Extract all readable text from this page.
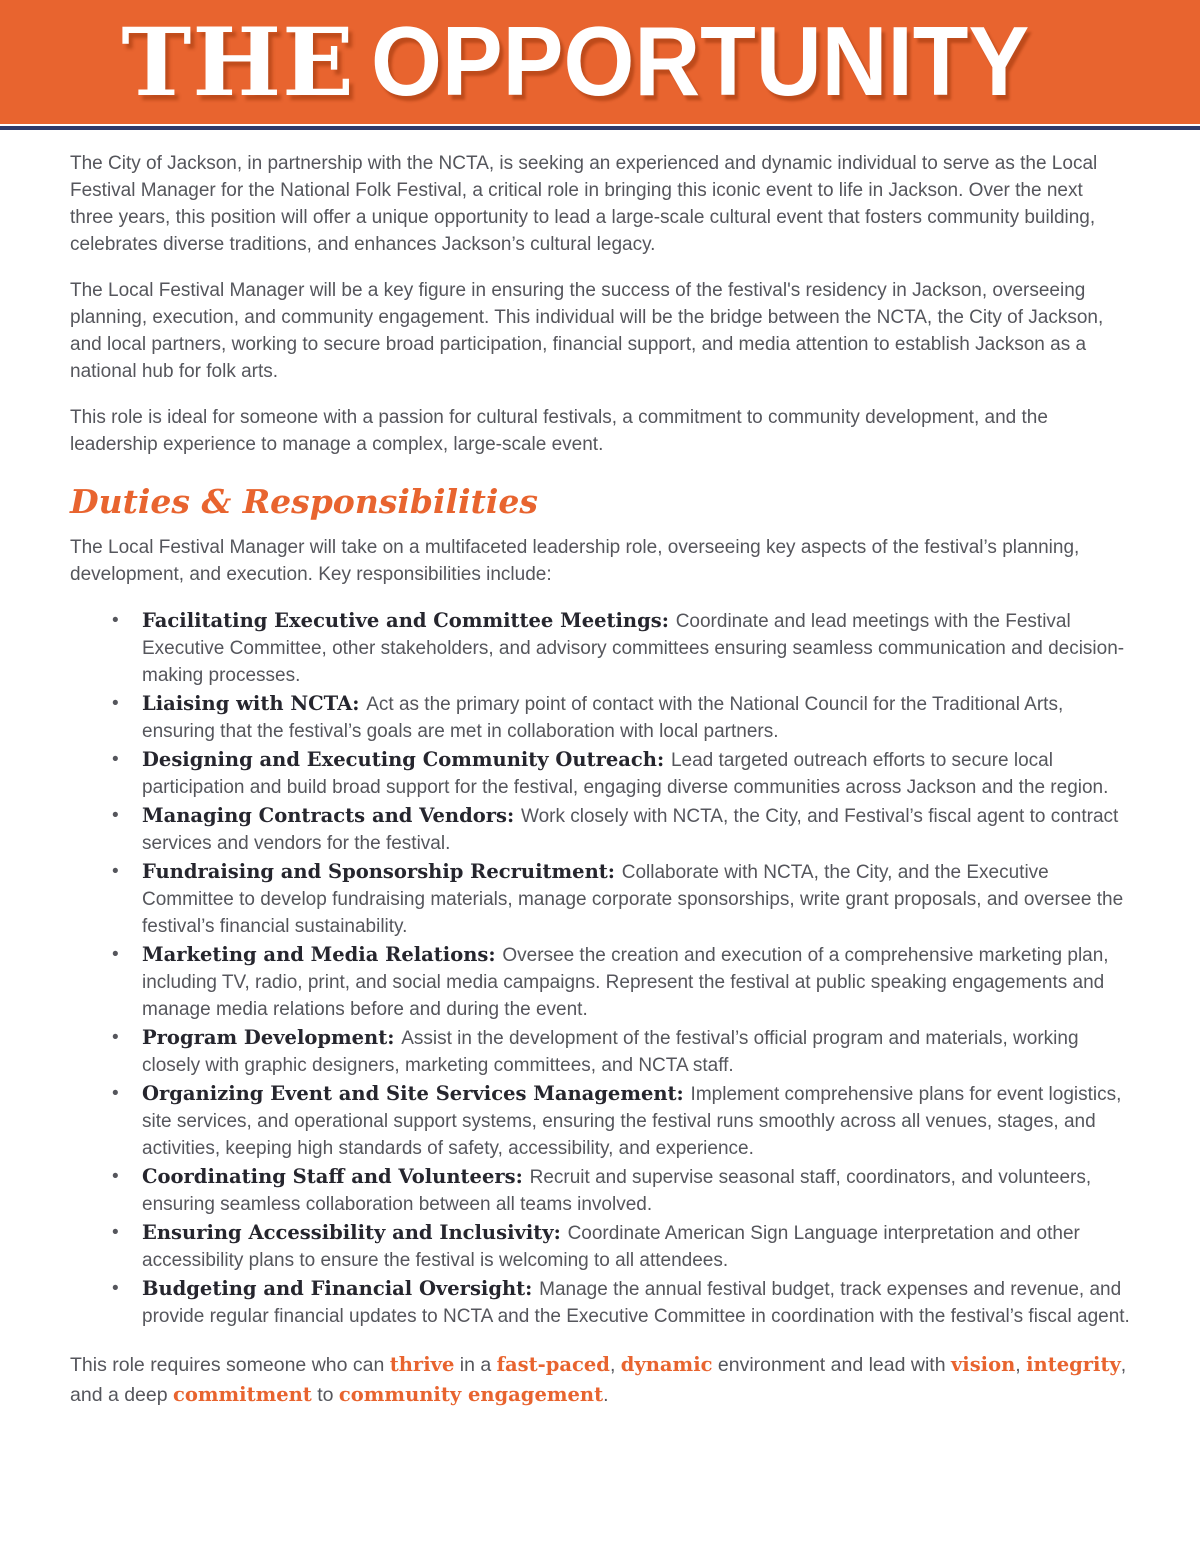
THE OPPORTUNITY

The City of Jackson, in partnership with the NCTA, is seeking an experienced and dynamic individual to serve as the Local Festival Manager for the National Folk Festival, a critical role in bringing this iconic event to life in Jackson. Over the next three years, this position will offer a unique opportunity to lead a large-scale cultural event that fosters community building, celebrates diverse traditions, and enhances Jackson’s cultural legacy.

The Local Festival Manager will be a key figure in ensuring the success of the festival's residency in Jackson, overseeing planning, execution, and community engagement. This individual will be the bridge between the NCTA, the City of Jackson, and local partners, working to secure broad participation, financial support, and media attention to establish Jackson as a national hub for folk arts.

This role is ideal for someone with a passion for cultural festivals, a commitment to community development, and the leadership experience to manage a complex, large-scale event.

Duties & Responsibilities

The Local Festival Manager will take on a multifaceted leadership role, overseeing key aspects of the festival’s planning, development, and execution. Key responsibilities include:

• Facilitating Executive and Committee Meetings: Coordinate and lead meetings with the Festival Executive Committee, other stakeholders, and advisory committees ensuring seamless communication and decision-making processes.
• Liaising with NCTA: Act as the primary point of contact with the National Council for the Traditional Arts, ensuring that the festival’s goals are met in collaboration with local partners.
• Designing and Executing Community Outreach: Lead targeted outreach efforts to secure local participation and build broad support for the festival, engaging diverse communities across Jackson and the region.
• Managing Contracts and Vendors: Work closely with NCTA, the City, and Festival’s fiscal agent to contract services and vendors for the festival.
• Fundraising and Sponsorship Recruitment: Collaborate with NCTA, the City, and the Executive Committee to develop fundraising materials, manage corporate sponsorships, write grant proposals, and oversee the festival’s financial sustainability.
• Marketing and Media Relations: Oversee the creation and execution of a comprehensive marketing plan, including TV, radio, print, and social media campaigns. Represent the festival at public speaking engagements and manage media relations before and during the event.
• Program Development: Assist in the development of the festival’s official program and materials, working closely with graphic designers, marketing committees, and NCTA staff.
• Organizing Event and Site Services Management: Implement comprehensive plans for event logistics, site services, and operational support systems, ensuring the festival runs smoothly across all venues, stages, and activities, keeping high standards of safety, accessibility, and experience.
• Coordinating Staff and Volunteers: Recruit and supervise seasonal staff, coordinators, and volunteers, ensuring seamless collaboration between all teams involved.
• Ensuring Accessibility and Inclusivity: Coordinate American Sign Language interpretation and other accessibility plans to ensure the festival is welcoming to all attendees.
• Budgeting and Financial Oversight: Manage the annual festival budget, track expenses and revenue, and provide regular financial updates to NCTA and the Executive Committee in coordination with the festival’s fiscal agent.

This role requires someone who can thrive in a fast-paced, dynamic environment and lead with vision, integrity, and a deep commitment to community engagement.
